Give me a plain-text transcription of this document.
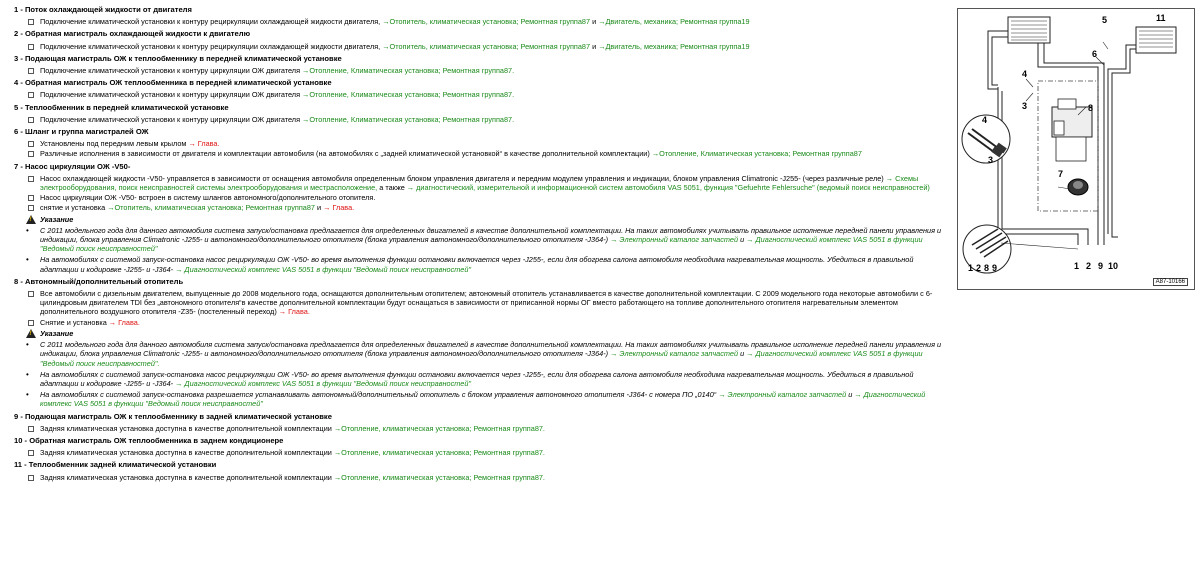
1 - Поток охлаждающей жидкости от двигателя
Подключение климатической установки к контуру рециркуляции охлаждающей жидкости двигателя, →Отопитель, климатическая установка; Ремонтная группа87 и →Двигатель, механика; Ремонтная группа19
2 - Обратная магистраль охлаждающей жидкости к двигателю
Подключение климатической установки к контуру рециркуляции охлаждающей жидкости двигателя, →Отопитель, климатическая установка; Ремонтная группа87 и →Двигатель, механика; Ремонтная группа19
3 - Подающая магистраль ОЖ к теплообменнику в передней климатической установке
Подключение климатической установки к контуру циркуляции ОЖ двигателя →Отопление, Климатическая установка; Ремонтная группа87.
4 - Обратная магистраль ОЖ теплообменника в передней климатической установке
Подключение климатической установки к контуру циркуляции ОЖ двигателя →Отопление, Климатическая установка; Ремонтная группа87.
5 - Теплообменник в передней климатической установке
Подключение климатической установки к контуру циркуляции ОЖ двигателя →Отопление, Климатическая установка; Ремонтная группа87.
6 - Шланг и группа магистралей ОЖ
Установлены под передним левым крылом → Глава.
Различные исполнения в зависимости от двигателя и комплектации автомобиля (на автомобилях с „задней климатической установкой“ в качестве дополнительной комплектации) →Отопление, Климатическая установка; Ремонтная группа87
7 - Насос циркуляции ОЖ -V50-
Насос охлаждающей жидкости -V50- управляется в зависимости от оснащения автомобиля определенным блоком управления двигателя и передним модулем управления и индикации, блоком управления Climatronic -J255- (через различные реле) → Схемы электрооборудования, поиск неисправностей системы электрооборудования и местрасположение, а также → диагностический, измерительной и информационной систем автомобиля VAS 5051, функция "Gefuehrte Fehlersuche" (ведомый поиск неисправностей)
Насос циркуляции ОЖ -V50- встроен в систему шлангов автономного/дополнительного отопителя.
снятие и установка →Отопитель, климатическая установка; Ремонтная группа87 и → Глава.
!
Указание
• С 2011 модельного года для данного автомобиля система запуск/остановка предлагается для определенных двигателей в качестве дополнительной комплектации. На таких автомобилях учитывать правильное исполнение передней панели управления и индикации, блока управления Climatronic -J255- и автономного/дополнительного отопителя (блока управления автономного/дополнительного отопителя -J364-) → Электронный каталог запчастей и → Диагностический комплекс VAS 5051 в функции "Ведомый поиск неисправностей"
• На автомобилях с системой запуск-остановка насос рециркуляции ОЖ -V50- во время выполнения функции остановки включается через -J255-, если для обогрева салона автомобиля необходима нагревательная мощность. Убедиться в правильной адаптации и кодировке -J255- и -J364- → Диагностический комплекс VAS 5051 в функции "Ведомый поиск неисправностей"
8 - Автономный/дополнительный отопитель
Все автомобили с дизельным двигателем, выпущенные до 2008 модельного года, оснащаются дополнительным отопителем; автономный отопитель устанавливается в качестве дополнительной комплектации. С 2009 модельного года некоторые автомобили с 6-цилиндровым двигателем TDI без „автономного отопителя“в качестве дополнительной комплектации будут оснащаться в зависимости от приписанной нормы ОГ вместо работающего на топливе дополнительного отопителя нагревательным элементом дополнительного воздушного отопителя -Z35- (постеленный переход) → Глава.
Снятие и установка → Глава.
!
Указание
• С 2011 модельного года для данного автомобиля система запуск/остановка предлагается для определенных двигателей в качестве дополнительной комплектации. На таких автомобилях учитывать правильное исполнение передней панели управления и индикации, блока управления Climatronic -J255- и автономного/дополнительного отопителя (блока управления автономного/дополнительного отопителя -J364-) → Электронный каталог запчастей и → Диагностический комплекс VAS 5051 в функции "Ведомый поиск неисправностей".
• На автомобилях с системой запуск-остановка насос рециркуляции ОЖ -V50- во время выполнения функции остановки включается через -J255-, если для обогрева салона автомобиля необходима нагревательная мощность. Убедиться в правильной адаптации и кодировке -J255- и -J364- → Диагностический комплекс VAS 5051 в функции "Ведомый поиск неисправностей"
• На автомобилях с системой запуск-остановка разрешается устанавливать автономный/дополнительный отопитель с блоком управления автономного отопителя -J364- с номера ПО „0140“ → Электронный каталог запчастей и → Диагностический комплекс VAS 5051 в функции "Ведомый поиск неисправностей"
9 - Подающая магистраль ОЖ к теплообменнику в задней климатической установке
Задняя климатическая установка доступна в качестве дополнительной комплектации →Отопление, климатическая установка; Ремонтная группа87.
10 - Обратная магистраль ОЖ теплообменника в заднем кондиционере
Задняя климатическая установка доступна в качестве дополнительной комплектации →Отопление, климатическая установка; Ремонтная группа87.
11 - Теплообменник задней климатической установки
Задняя климатическая установка доступна в качестве дополнительной комплектации →Отопление, климатическая установка; Ремонтная группа87.
5	11
6
4
3	8
7
4
3
1 2 8 9	1 2 9 10
A87-10166
